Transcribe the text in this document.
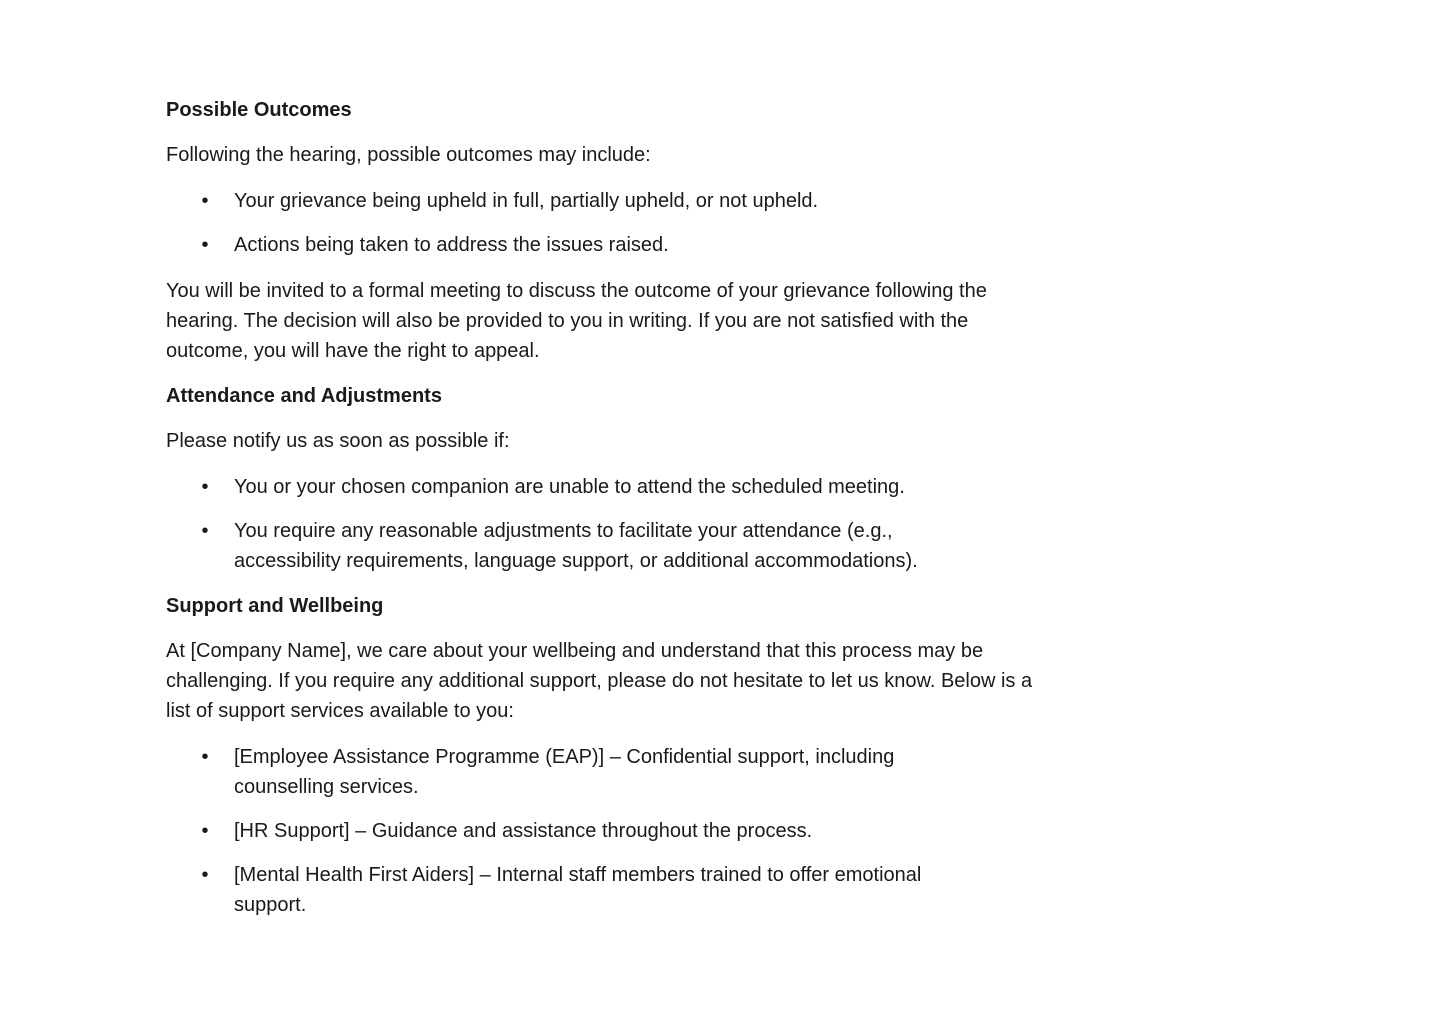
Possible Outcomes

Following the hearing, possible outcomes may include:

• Your grievance being upheld in full, partially upheld, or not upheld.
• Actions being taken to address the issues raised.

You will be invited to a formal meeting to discuss the outcome of your grievance following the hearing. The decision will also be provided to you in writing. If you are not satisfied with the outcome, you will have the right to appeal.

Attendance and Adjustments

Please notify us as soon as possible if:

• You or your chosen companion are unable to attend the scheduled meeting.
• You require any reasonable adjustments to facilitate your attendance (e.g., accessibility requirements, language support, or additional accommodations).
Support and Wellbeing

At [Company Name], we care about your wellbeing and understand that this process may be challenging. If you require any additional support, please do not hesitate to let us know. Below is a list of support services available to you:

• [Employee Assistance Programme (EAP)] – Confidential support, including counselling services.
• [HR Support] – Guidance and assistance throughout the process.
• [Mental Health First Aiders] – Internal staff members trained to offer emotional support.
